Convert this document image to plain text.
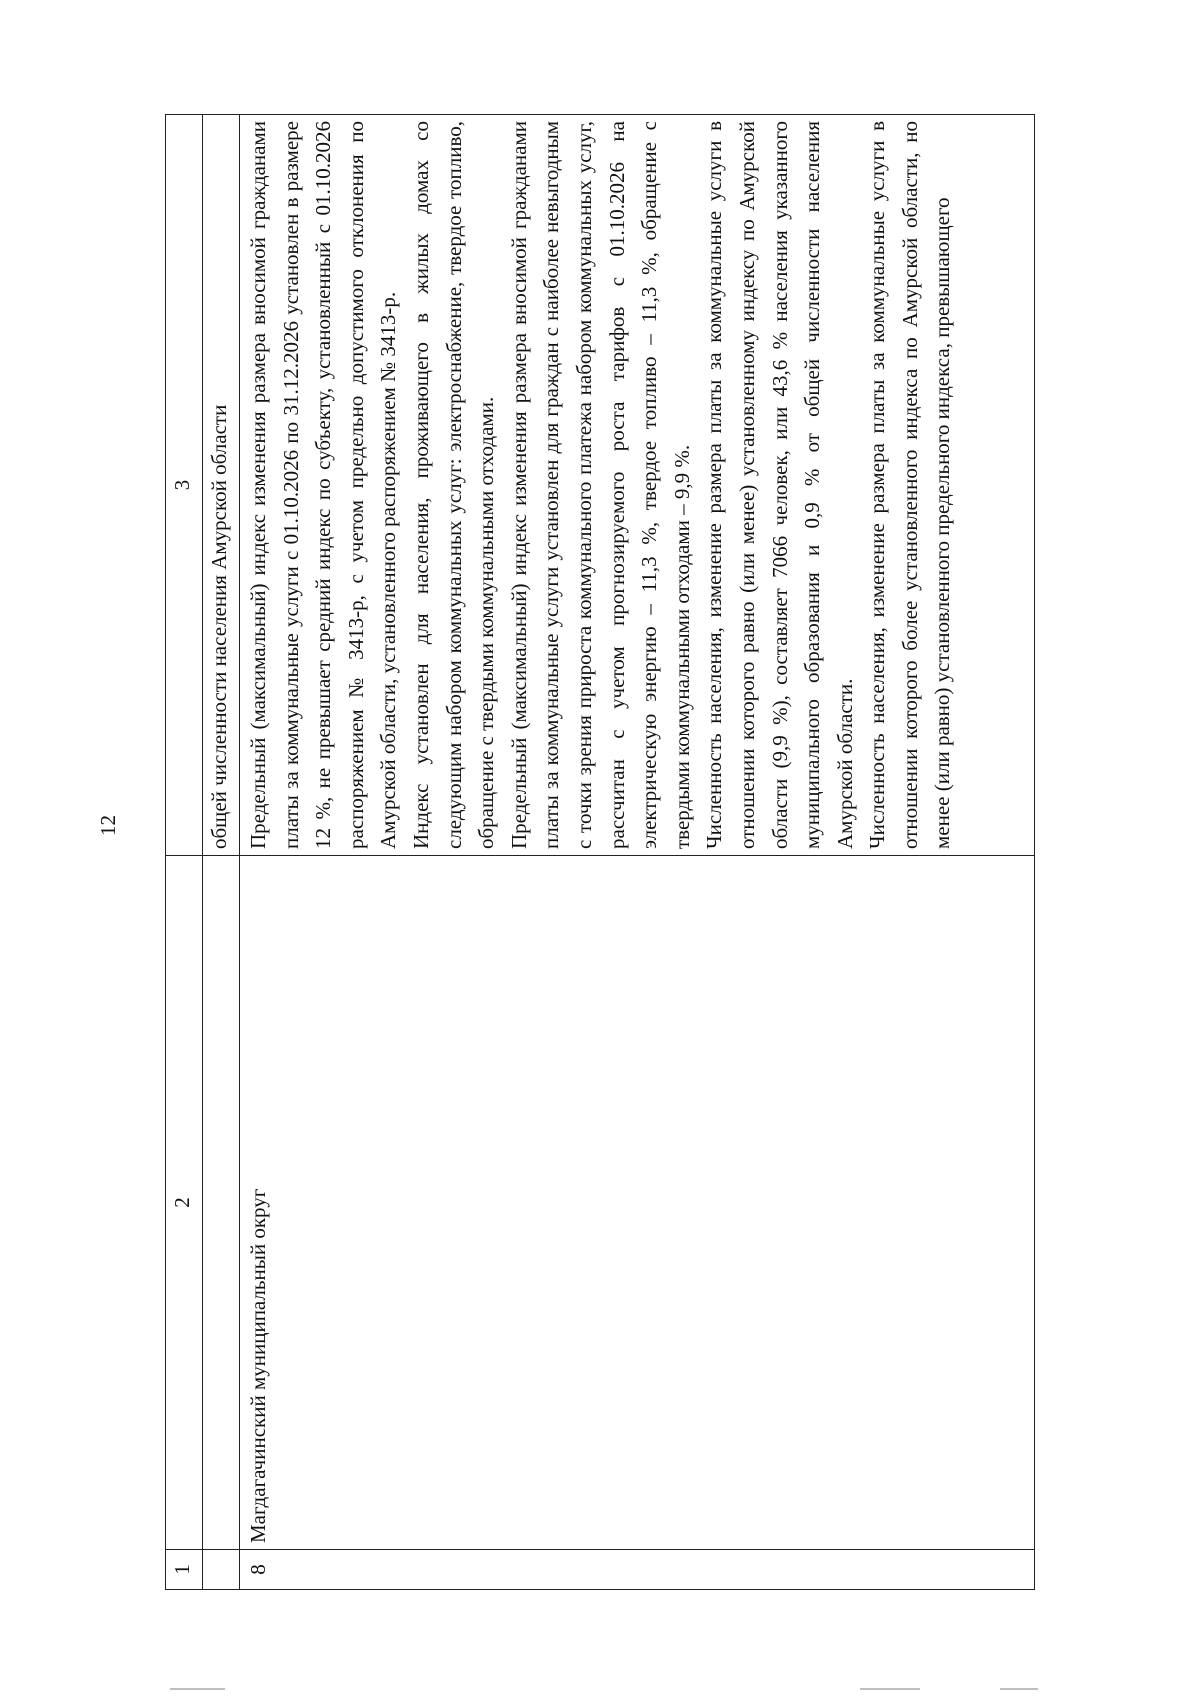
12
1	2	3
		общей численности населения Амурской области
8	Магдагачинский муниципальный округ	Предельный (максимальный) индекс изменения размера вносимой гражданами платы за коммунальные услуги с 01.10.2026 по 31.12.2026 установлен в размере 12 %, не превышает средний индекс по субъекту, установленный с 01.10.2026 распоряжением № 3413-р, с учетом предельно допустимого отклонения по Амурской области, установленного распоряжением № 3413-р. Индекс установлен для населения, проживающего в жилых домах со следующим набором коммунальных услуг: электроснабжение, твердое топливо, обращение с твердыми коммунальными отходами. Предельный (максимальный) индекс изменения размера вносимой гражданами платы за коммунальные услуги установлен для граждан с наиболее невыгодным с точки зрения прироста коммунального платежа набором коммунальных услуг, рассчитан с учетом прогнозируемого роста тарифов с 01.10.2026 на электрическую энергию – 11,3 %, твердое топливо – 11,3 %, обращение с твердыми коммунальными отходами – 9,9 %. Численность населения, изменение размера платы за коммунальные услуги в отношении которого равно (или менее) установленному индексу по Амурской области (9,9 %), составляет 7066 человек, или 43,6 % населения указанного муниципального образования и 0,9 % от общей численности населения Амурской области. Численность населения, изменение размера платы за коммунальные услуги в отношении которого более установленного индекса по Амурской области, но менее (или равно) установленного предельного индекса, превышающего
